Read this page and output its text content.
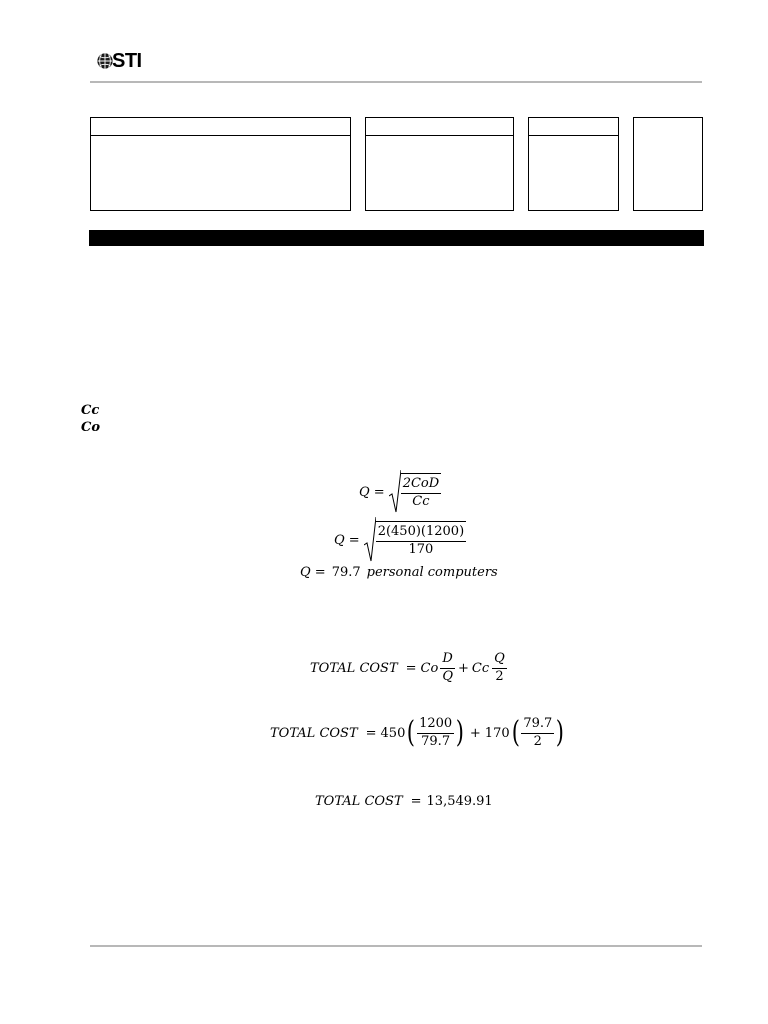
STI
Cc
Co
$Q = \frac{\text{2CoD}}{Cc}$
$Q = \frac{2(450)(1200)}{170}$
Q = 79.7 personal computers
TOTAL COST = Co $\frac{D}{Q} + Cc \frac{Q}{2}$
TOTAL COST = 450 ( $\frac{1200}{79.7}$ ) + 170 ( $\frac{79.7}{2}$ )
TOTAL COST = 13,549.91
